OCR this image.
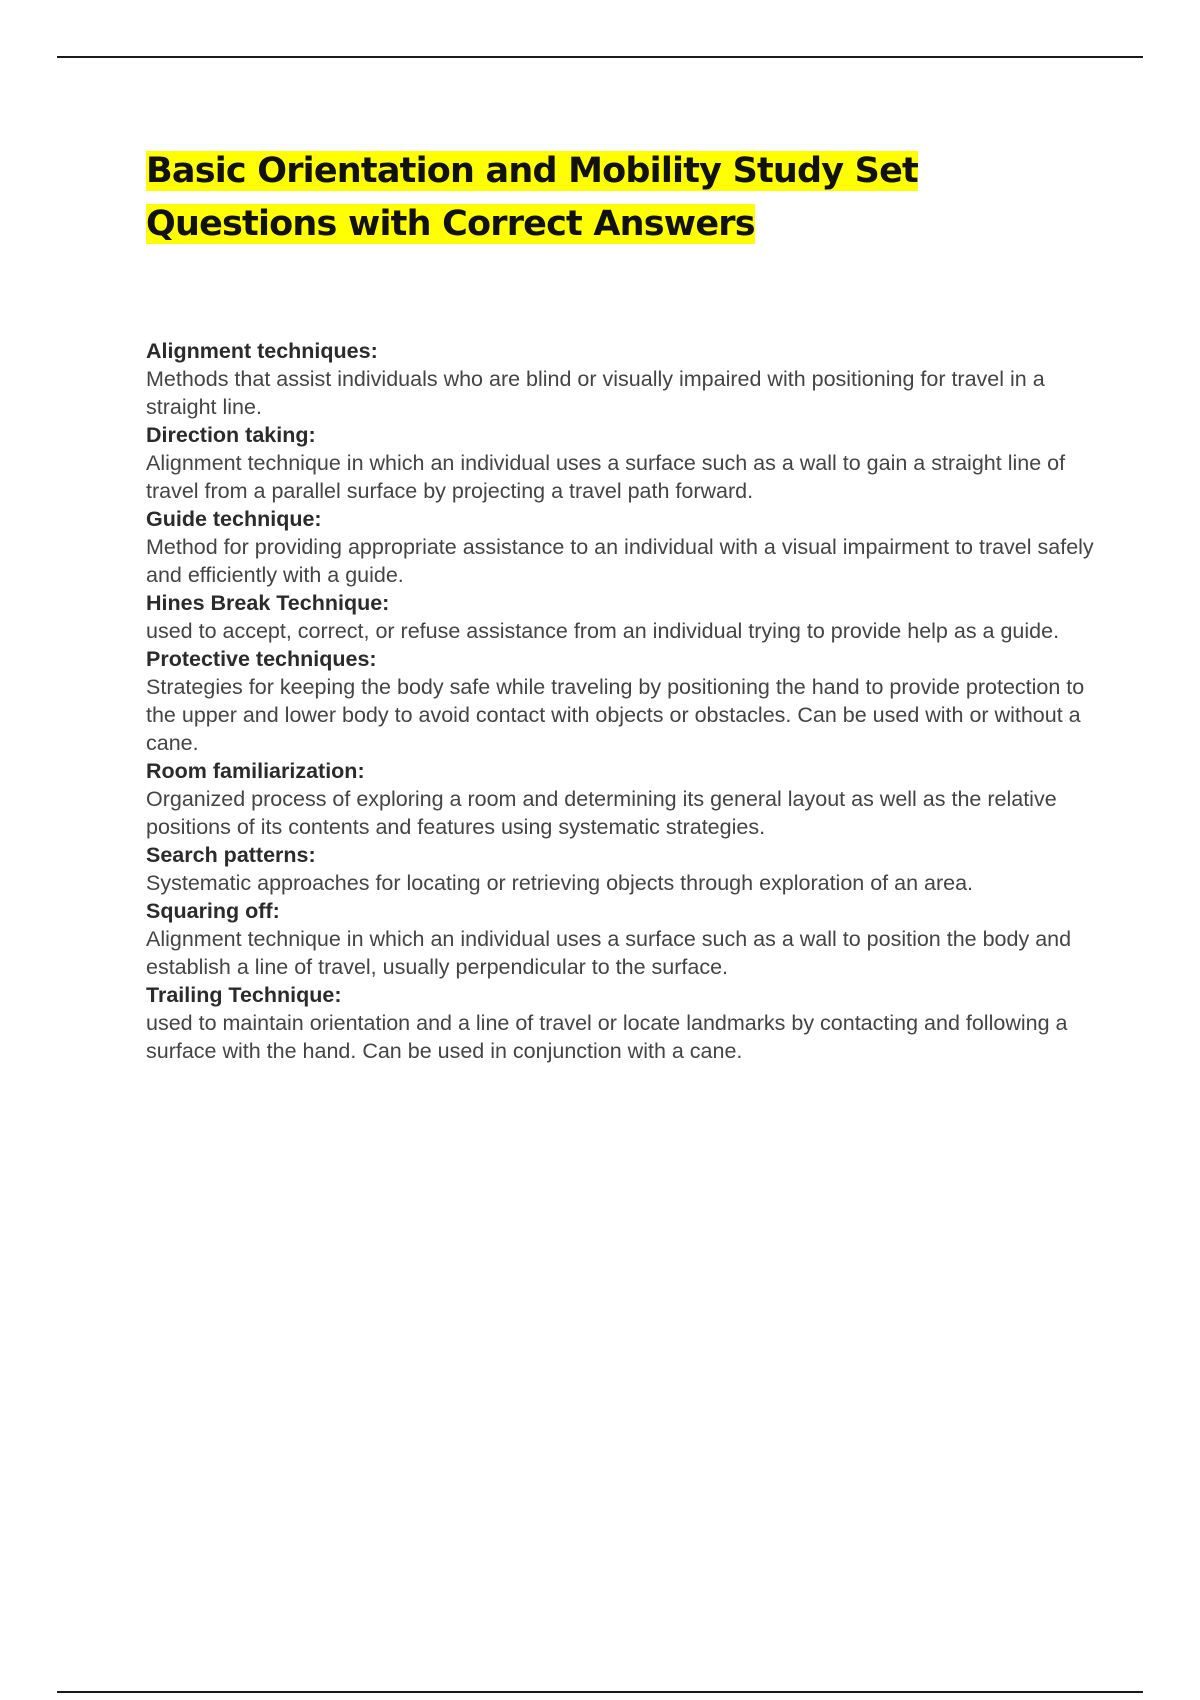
Basic Orientation and Mobility Study Set Questions with Correct Answers

Alignment techniques:

Methods that assist individuals who are blind or visually impaired with positioning for travel in a straight line.

Direction taking:

Alignment technique in which an individual uses a surface such as a wall to gain a straight line of travel from a parallel surface by projecting a travel path forward.

Guide technique:

Method for providing appropriate assistance to an individual with a visual impairment to travel safely and efficiently with a guide.

Hines Break Technique:

used to accept, correct, or refuse assistance from an individual trying to provide help as a guide.

Protective techniques:

Strategies for keeping the body safe while traveling by positioning the hand to provide protection to the upper and lower body to avoid contact with objects or obstacles. Can be used with or without a cane.

Room familiarization:

Organized process of exploring a room and determining its general layout as well as the relative positions of its contents and features using systematic strategies.

Search patterns:

Systematic approaches for locating or retrieving objects through exploration of an area.

Squaring off:

Alignment technique in which an individual uses a surface such as a wall to position the body and establish a line of travel, usually perpendicular to the surface.

Trailing Technique:

used to maintain orientation and a line of travel or locate landmarks by contacting and following a surface with the hand. Can be used in conjunction with a cane.
